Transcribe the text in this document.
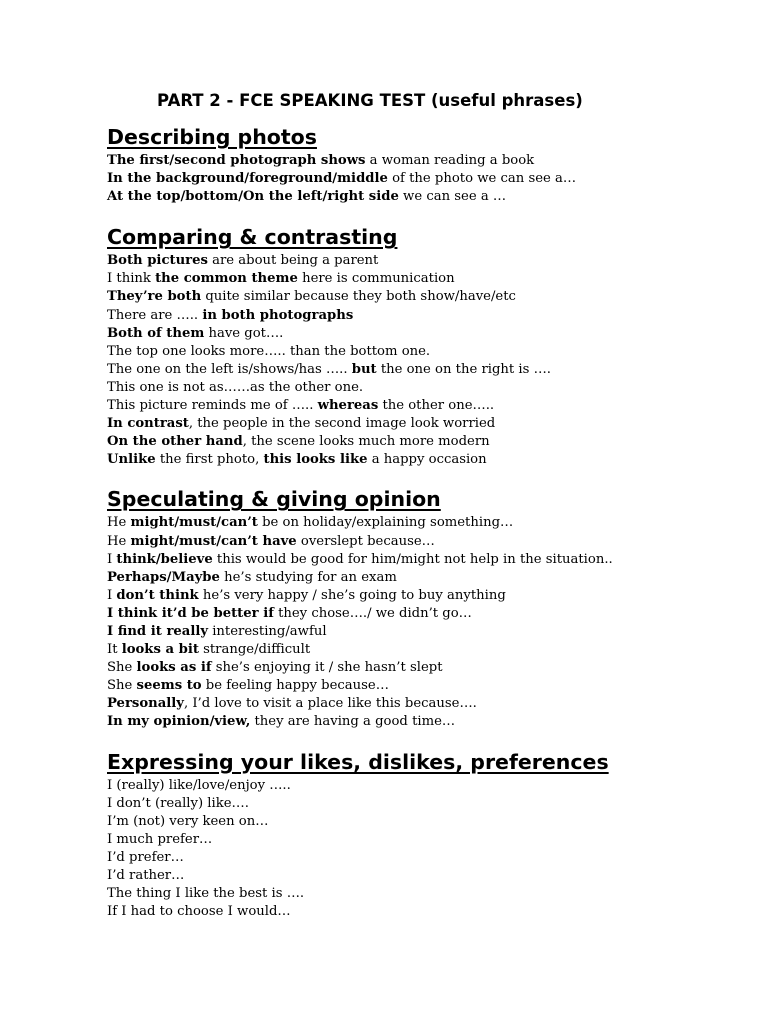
PART 2 - FCE SPEAKING TEST (useful phrases)
Describing photos
The first/second photograph shows a woman reading a book
In the background/foreground/middle of the photo we can see a…
At the top/bottom/On the left/right side we can see a …
Comparing & contrasting
Both pictures are about being a parent
I think the common theme here is communication
They’re both quite similar because they both show/have/etc
There are ….. in both photographs
Both of them have got….
The top one looks more….. than the bottom one.
The one on the left is/shows/has ….. but the one on the right is ….
This one is not as……as the other one.
This picture reminds me of ….. whereas the other one…..
In contrast, the people in the second image look worried
On the other hand, the scene looks much more modern
Unlike the first photo, this looks like a happy occasion
Speculating & giving opinion
He might/must/can’t be on holiday/explaining something…
He might/must/can’t have overslept because…
I think/believe this would be good for him/might not help in the situation..
Perhaps/Maybe he’s studying for an exam
I don’t think he’s very happy / she’s going to buy anything
I think it’d be better if they chose…./ we didn’t go…
I find it really interesting/awful
It looks a bit strange/difficult
She looks as if she’s enjoying it / she hasn’t slept
She seems to be feeling happy because…
Personally, I’d love to visit a place like this because….
In my opinion/view, they are having a good time…
Expressing your likes, dislikes, preferences
I (really) like/love/enjoy …..
I don’t (really) like….
I’m (not) very keen on…
I much prefer…
I’d prefer…
I’d rather…
The thing I like the best is ….
If I had to choose I would…
